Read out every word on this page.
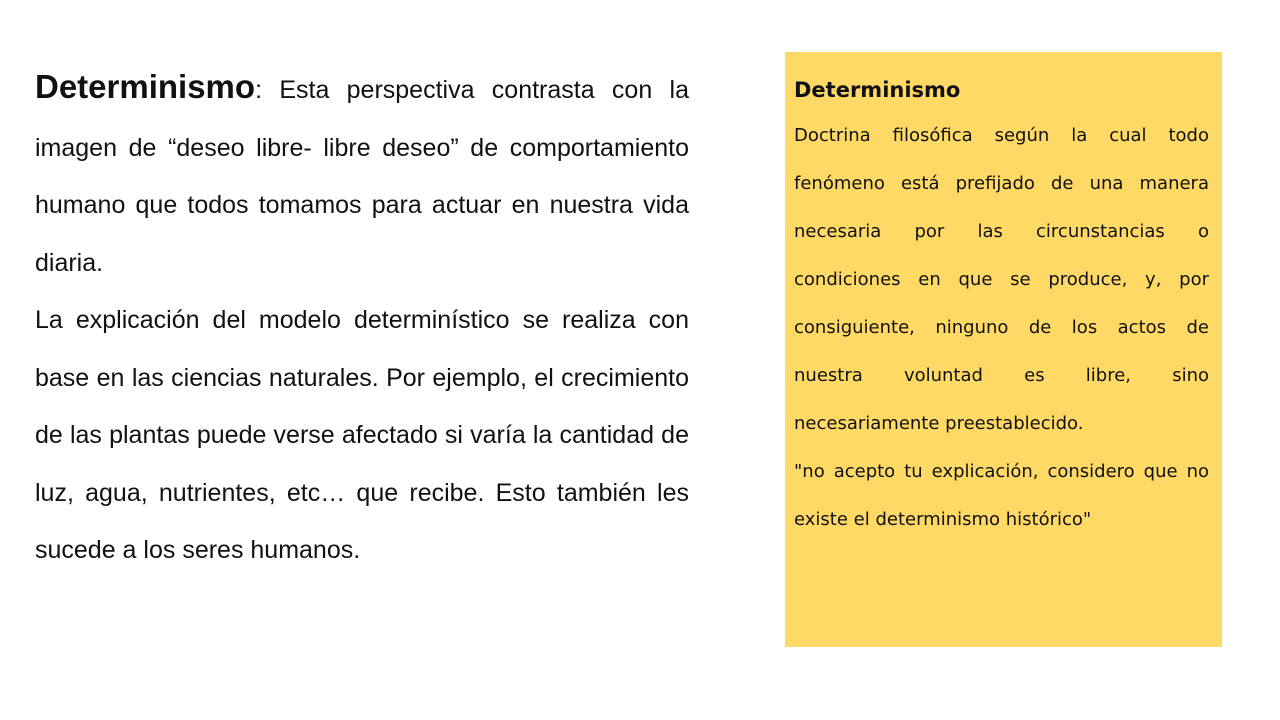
Determinismo: Esta perspectiva contrasta con la imagen de “deseo libre- libre deseo” de comportamiento humano que todos tomamos para actuar en nuestra vida diaria.

La explicación del modelo determinístico se realiza con base en las ciencias naturales. Por ejemplo, el crecimiento de las plantas puede verse afectado si varía la cantidad de luz, agua, nutrientes, etc… que recibe. Esto también les sucede a los seres humanos.

Determinismo

Doctrina filosófica según la cual todo fenómeno está prefijado de una manera necesaria por las circunstancias o condiciones en que se produce, y, por consiguiente, ninguno de los actos de nuestra voluntad es libre, sino necesariamente preestablecido.

"no acepto tu explicación, considero que no existe el determinismo histórico"
